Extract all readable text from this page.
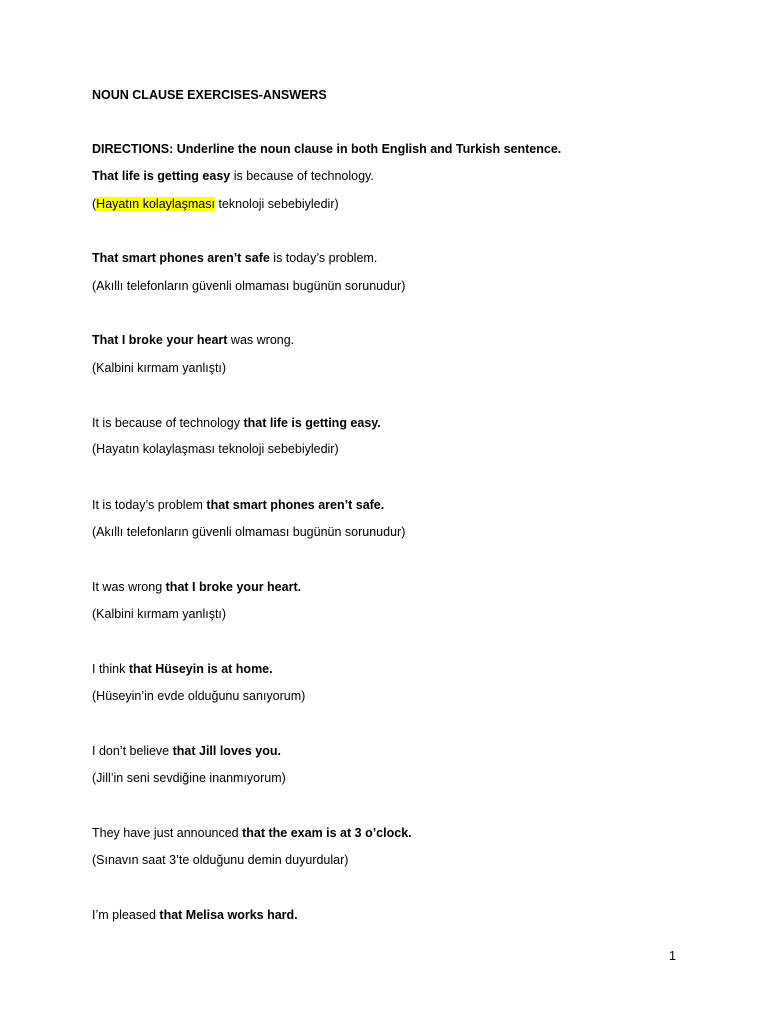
NOUN CLAUSE EXERCISES-ANSWERS
DIRECTIONS: Underline the noun clause in both English and Turkish sentence.
That life is getting easy is because of technology.
(Hayatın kolaylaşması teknoloji sebebiyledir)
That smart phones aren’t safe is today’s problem.
(Akıllı telefonların güvenli olmaması bugünün sorunudur)
That I broke your heart was wrong.
(Kalbini kırmam yanlıştı)
It is because of technology that life is getting easy.
(Hayatın kolaylaşması teknoloji sebebiyledir)
It is today’s problem that smart phones aren’t safe.
(Akıllı telefonların güvenli olmaması bugünün sorunudur)
It was wrong that I broke your heart.
(Kalbini kırmam yanlıştı)
I think that Hüseyin is at home.
(Hüseyin’in evde olduğunu sanıyorum)
I don’t believe that Jill loves you.
(Jill’in seni sevdiğine inanmıyorum)
They have just announced that the exam is at 3 o’clock.
(Sınavın saat 3’te olduğunu demin duyurdular)
I’m pleased that Melisa works hard.
1
